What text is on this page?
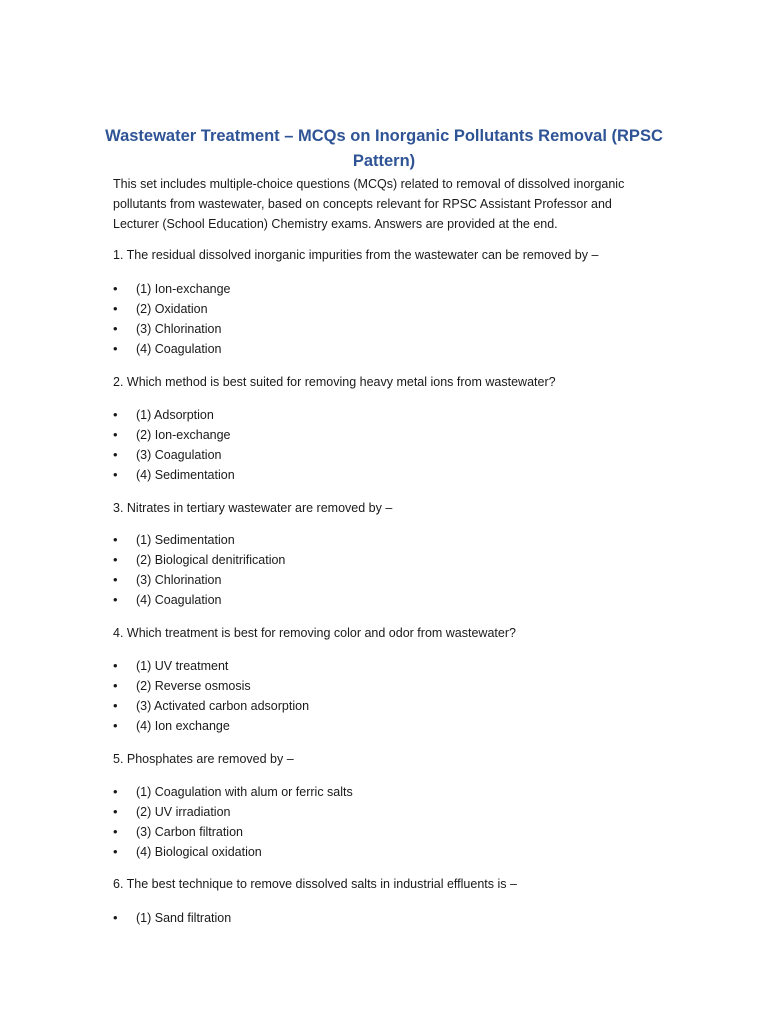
Wastewater Treatment – MCQs on Inorganic Pollutants Removal (RPSC Pattern)
This set includes multiple-choice questions (MCQs) related to removal of dissolved inorganic pollutants from wastewater, based on concepts relevant for RPSC Assistant Professor and Lecturer (School Education) Chemistry exams. Answers are provided at the end.
1. The residual dissolved inorganic impurities from the wastewater can be removed by –
• (1) Ion-exchange
• (2) Oxidation
• (3) Chlorination
• (4) Coagulation
2. Which method is best suited for removing heavy metal ions from wastewater?
• (1) Adsorption
• (2) Ion-exchange
• (3) Coagulation
• (4) Sedimentation
3. Nitrates in tertiary wastewater are removed by –
• (1) Sedimentation
• (2) Biological denitrification
• (3) Chlorination
• (4) Coagulation
4. Which treatment is best for removing color and odor from wastewater?
• (1) UV treatment
• (2) Reverse osmosis
• (3) Activated carbon adsorption
• (4) Ion exchange
5. Phosphates are removed by –
• (1) Coagulation with alum or ferric salts
• (2) UV irradiation
• (3) Carbon filtration
• (4) Biological oxidation
6. The best technique to remove dissolved salts in industrial effluents is –
• (1) Sand filtration
